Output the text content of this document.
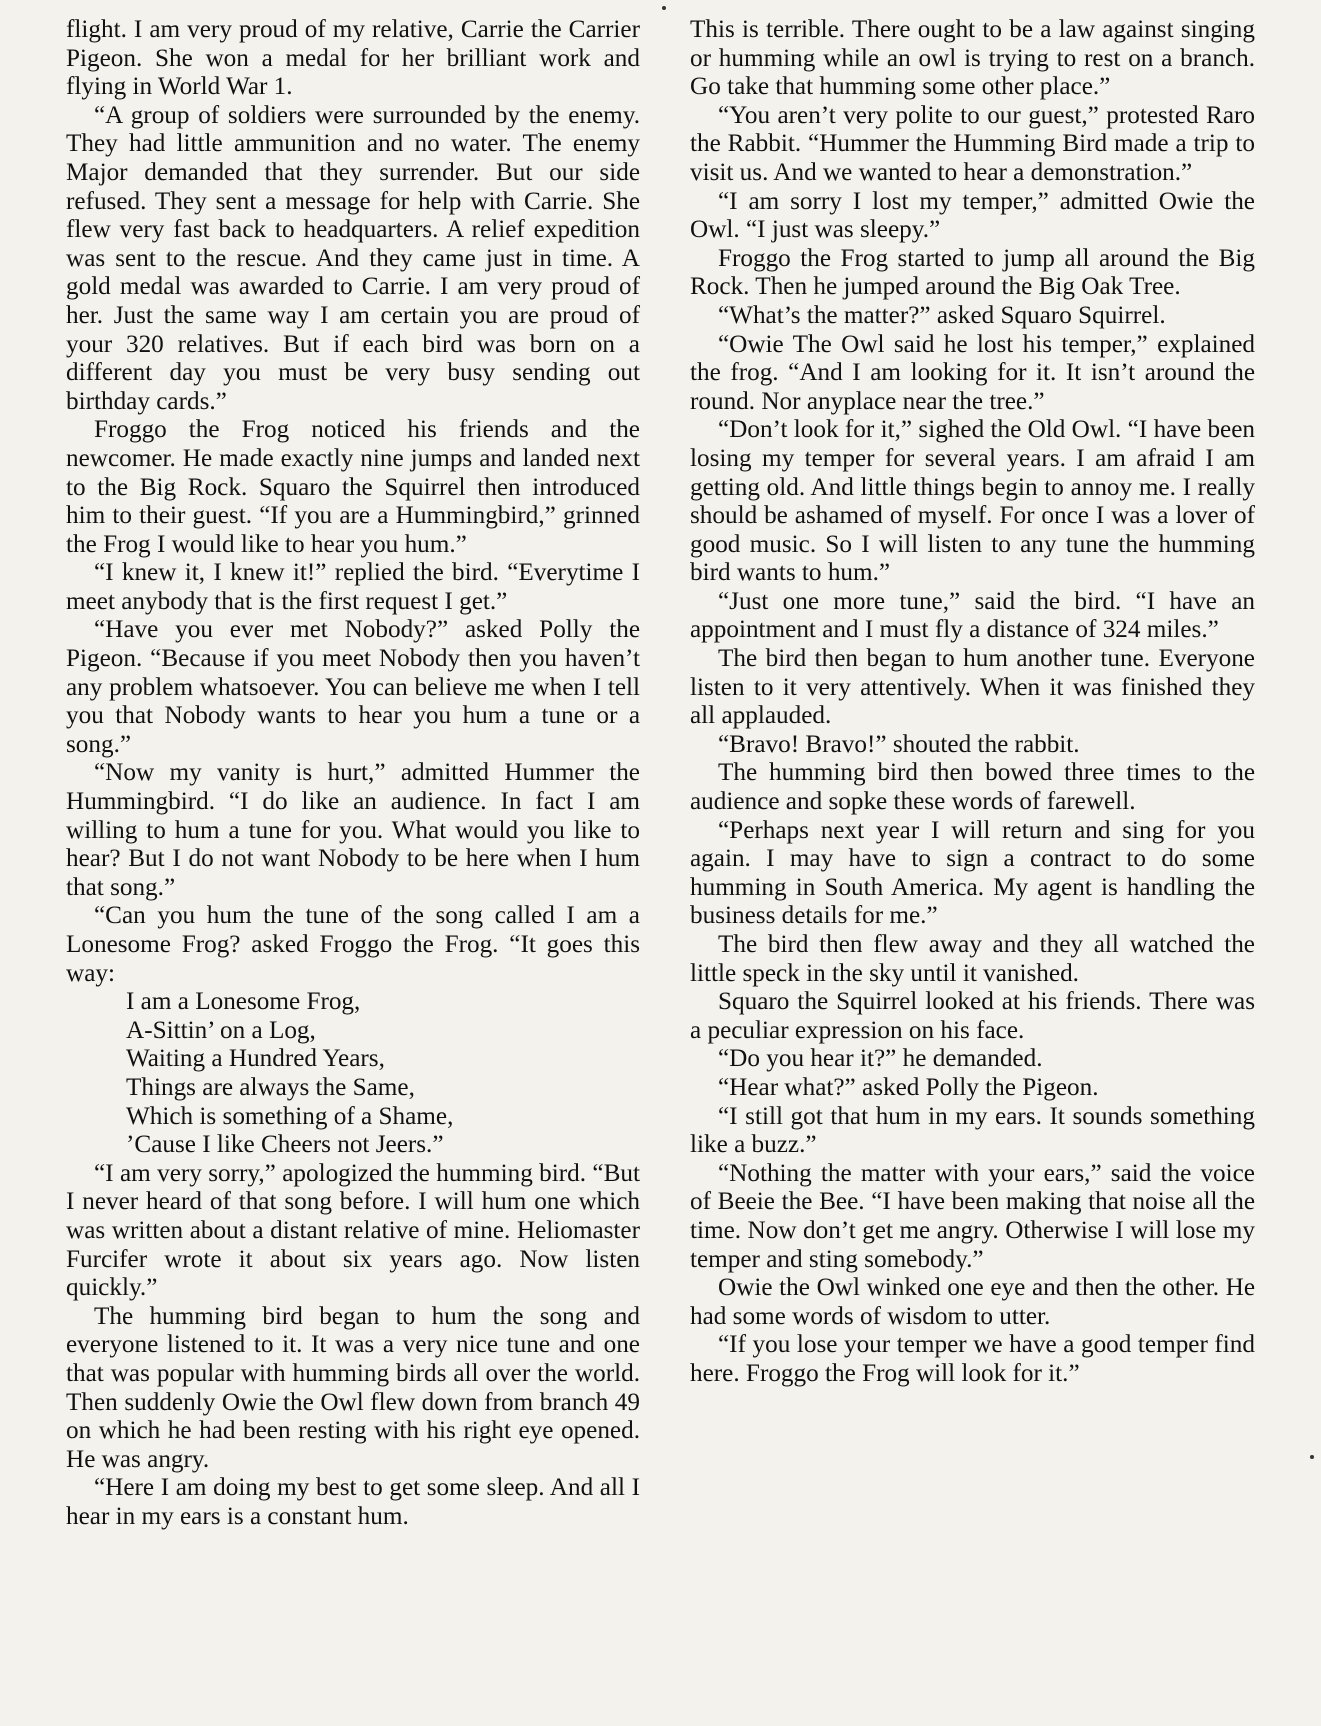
flight. I am very proud of my relative, Carrie the Carrier Pigeon. She won a medal for her brilliant work and flying in World War 1.

“A group of soldiers were surrounded by the enemy. They had little ammunition and no water. The enemy Major demanded that they surrender. But our side refused. They sent a message for help with Carrie. She flew very fast back to headquarters. A relief expedition was sent to the rescue. And they came just in time. A gold medal was awarded to Carrie. I am very proud of her. Just the same way I am certain you are proud of your 320 relatives. But if each bird was born on a different day you must be very busy sending out birthday cards.”

Froggo the Frog noticed his friends and the newcomer. He made exactly nine jumps and landed next to the Big Rock. Squaro the Squirrel then introduced him to their guest. “If you are a Hummingbird,” grinned the Frog I would like to hear you hum.”

“I knew it, I knew it!” replied the bird. “Everytime I meet anybody that is the first request I get.”

“Have you ever met Nobody?” asked Polly the Pigeon. “Because if you meet Nobody then you haven’t any problem whatsoever. You can believe me when I tell you that Nobody wants to hear you hum a tune or a song.”

“Now my vanity is hurt,” admitted Hummer the Hummingbird. “I do like an audience. In fact I am willing to hum a tune for you. What would you like to hear? But I do not want Nobody to be here when I hum that song.”

“Can you hum the tune of the song called I am a Lonesome Frog? asked Froggo the Frog. “It goes this way:

I am a Lonesome Frog,
A-Sittin’ on a Log,
Waiting a Hundred Years,
Things are always the Same,
Which is something of a Shame,
’Cause I like Cheers not Jeers.”

“I am very sorry,” apologized the humming bird. “But I never heard of that song before. I will hum one which was written about a distant relative of mine. Heliomaster Furcifer wrote it about six years ago. Now listen quickly.”

The humming bird began to hum the song and everyone listened to it. It was a very nice tune and one that was popular with humming birds all over the world. Then suddenly Owie the Owl flew down from branch 49 on which he had been resting with his right eye opened. He was angry.

“Here I am doing my best to get some sleep. And all I hear in my ears is a constant hum.

This is terrible. There ought to be a law against singing or humming while an owl is trying to rest on a branch. Go take that humming some other place.”

“You aren’t very polite to our guest,” protested Raro the Rabbit. “Hummer the Humming Bird made a trip to visit us. And we wanted to hear a demonstration.”

“I am sorry I lost my temper,” admitted Owie the Owl. “I just was sleepy.”

Froggo the Frog started to jump all around the Big Rock. Then he jumped around the Big Oak Tree.

“What’s the matter?” asked Squaro Squirrel.

“Owie The Owl said he lost his temper,” explained the frog. “And I am looking for it. It isn’t around the round. Nor anyplace near the tree.”

“Don’t look for it,” sighed the Old Owl. “I have been losing my temper for several years. I am afraid I am getting old. And little things begin to annoy me. I really should be ashamed of myself. For once I was a lover of good music. So I will listen to any tune the humming bird wants to hum.”

“Just one more tune,” said the bird. “I have an appointment and I must fly a distance of 324 miles.”

The bird then began to hum another tune. Everyone listen to it very attentively. When it was finished they all applauded.

“Bravo! Bravo!” shouted the rabbit.

The humming bird then bowed three times to the audience and sopke these words of farewell.

“Perhaps next year I will return and sing for you again. I may have to sign a contract to do some humming in South America. My agent is handling the business details for me.”

The bird then flew away and they all watched the little speck in the sky until it vanished.

Squaro the Squirrel looked at his friends. There was a peculiar expression on his face.

“Do you hear it?” he demanded.

“Hear what?” asked Polly the Pigeon.

“I still got that hum in my ears. It sounds something like a buzz.”

“Nothing the matter with your ears,” said the voice of Beeie the Bee. “I have been making that noise all the time. Now don’t get me angry. Otherwise I will lose my temper and sting somebody.”

Owie the Owl winked one eye and then the other. He had some words of wisdom to utter.

“If you lose your temper we have a good temper find here. Froggo the Frog will look for it.”
